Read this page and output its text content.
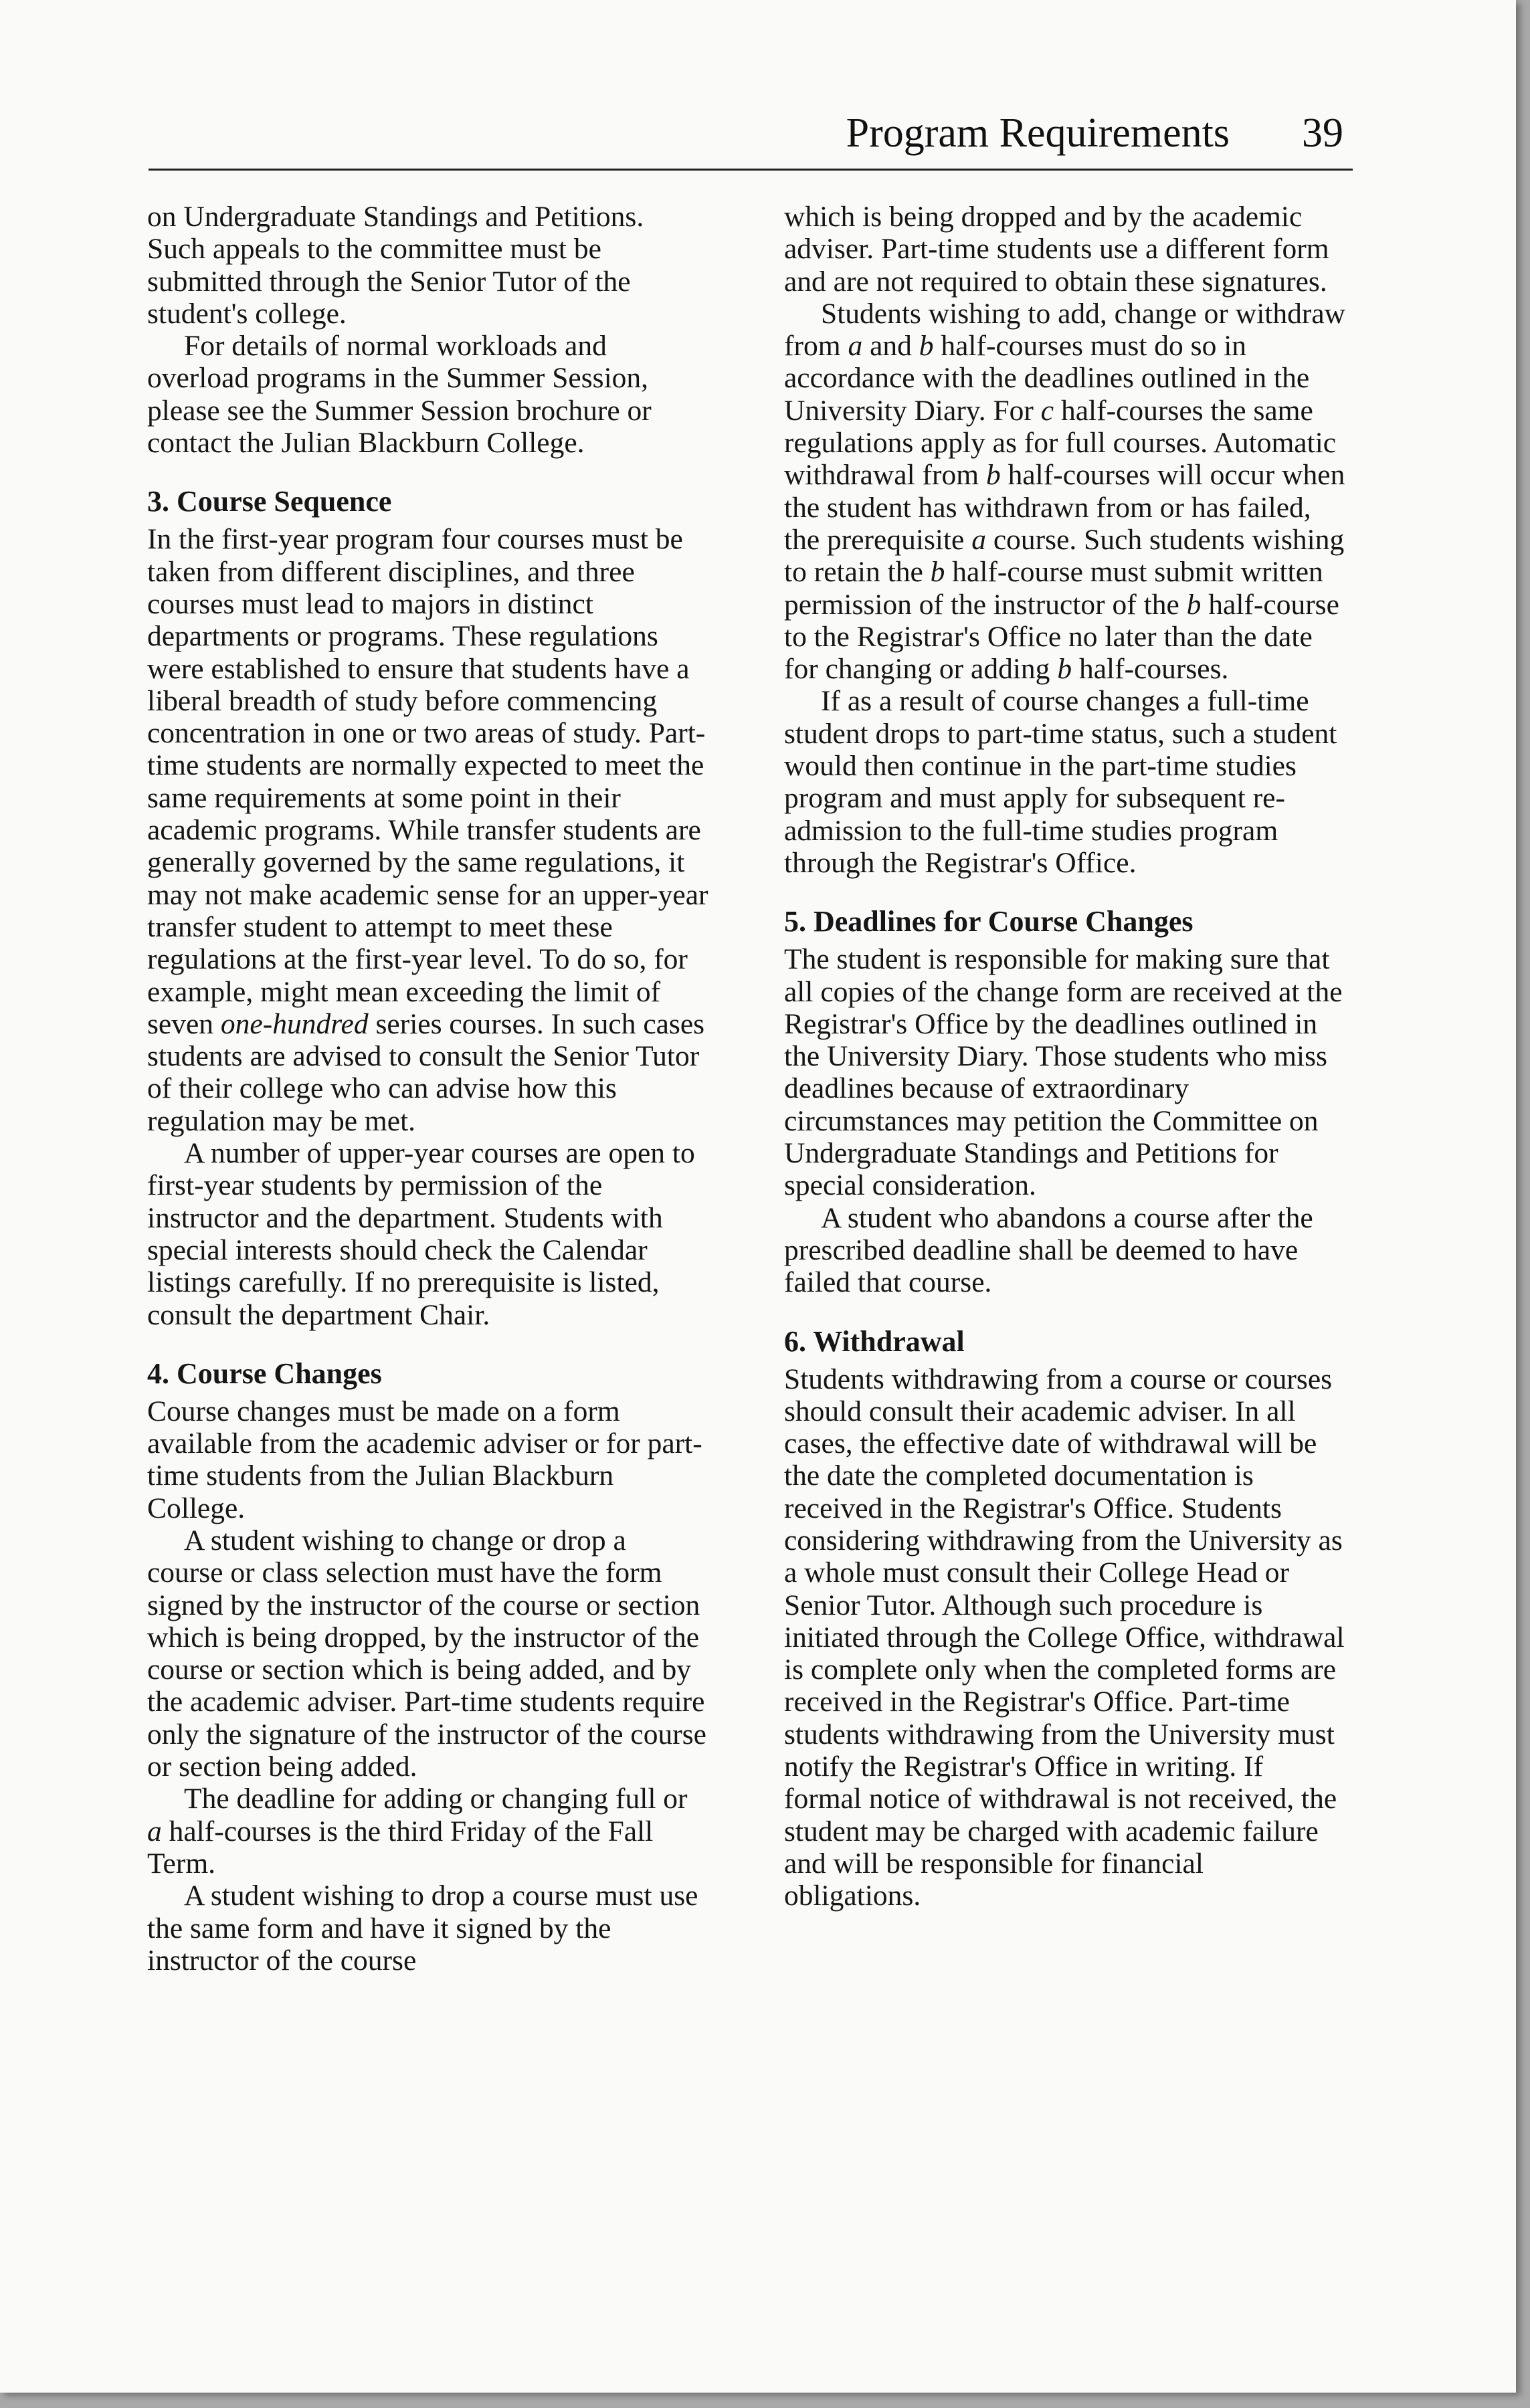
Program Requirements 39

on Undergraduate Standings and Petitions. Such appeals to the committee must be submitted through the Senior Tutor of the student's college.

For details of normal workloads and overload programs in the Summer Session, please see the Summer Session brochure or contact the Julian Blackburn College.

3. Course Sequence

In the first-year program four courses must be taken from different disciplines, and three courses must lead to majors in distinct departments or programs. These regulations were established to ensure that students have a liberal breadth of study before commencing concentration in one or two areas of study. Part-time students are normally expected to meet the same requirements at some point in their academic programs. While transfer students are generally governed by the same regulations, it may not make academic sense for an upper-year transfer student to attempt to meet these regulations at the first-year level. To do so, for example, might mean exceeding the limit of seven one-hundred series courses. In such cases students are advised to consult the Senior Tutor of their college who can advise how this regulation may be met.

A number of upper-year courses are open to first-year students by permission of the instructor and the department. Students with special interests should check the Calendar listings carefully. If no prerequisite is listed, consult the department Chair.

4. Course Changes

Course changes must be made on a form available from the academic adviser or for part-time students from the Julian Blackburn College.

A student wishing to change or drop a course or class selection must have the form signed by the instructor of the course or section which is being dropped, by the instructor of the course or section which is being added, and by the academic adviser. Part-time students require only the signature of the instructor of the course or section being added.

The deadline for adding or changing full or a half-courses is the third Friday of the Fall Term.

A student wishing to drop a course must use the same form and have it signed by the instructor of the course

which is being dropped and by the academic adviser. Part-time students use a different form and are not required to obtain these signatures.

Students wishing to add, change or withdraw from a and b half-courses must do so in accordance with the deadlines outlined in the University Diary. For c half-courses the same regulations apply as for full courses. Automatic withdrawal from b half-courses will occur when the student has withdrawn from or has failed, the prerequisite a course. Such students wishing to retain the b half-course must submit written permission of the instructor of the b half-course to the Registrar's Office no later than the date for changing or adding b half-courses.

If as a result of course changes a full-time student drops to part-time status, such a student would then continue in the part-time studies program and must apply for subsequent re-admission to the full-time studies program through the Registrar's Office.

5. Deadlines for Course Changes

The student is responsible for making sure that all copies of the change form are received at the Registrar's Office by the deadlines outlined in the University Diary. Those students who miss deadlines because of extraordinary circumstances may petition the Committee on Undergraduate Standings and Petitions for special consideration.

A student who abandons a course after the prescribed deadline shall be deemed to have failed that course.

6. Withdrawal

Students withdrawing from a course or courses should consult their academic adviser. In all cases, the effective date of withdrawal will be the date the completed documentation is received in the Registrar's Office. Students considering withdrawing from the University as a whole must consult their College Head or Senior Tutor. Although such procedure is initiated through the College Office, withdrawal is complete only when the completed forms are received in the Registrar's Office. Part-time students withdrawing from the University must notify the Registrar's Office in writing. If formal notice of withdrawal is not received, the student may be charged with academic failure and will be responsible for financial obligations.
